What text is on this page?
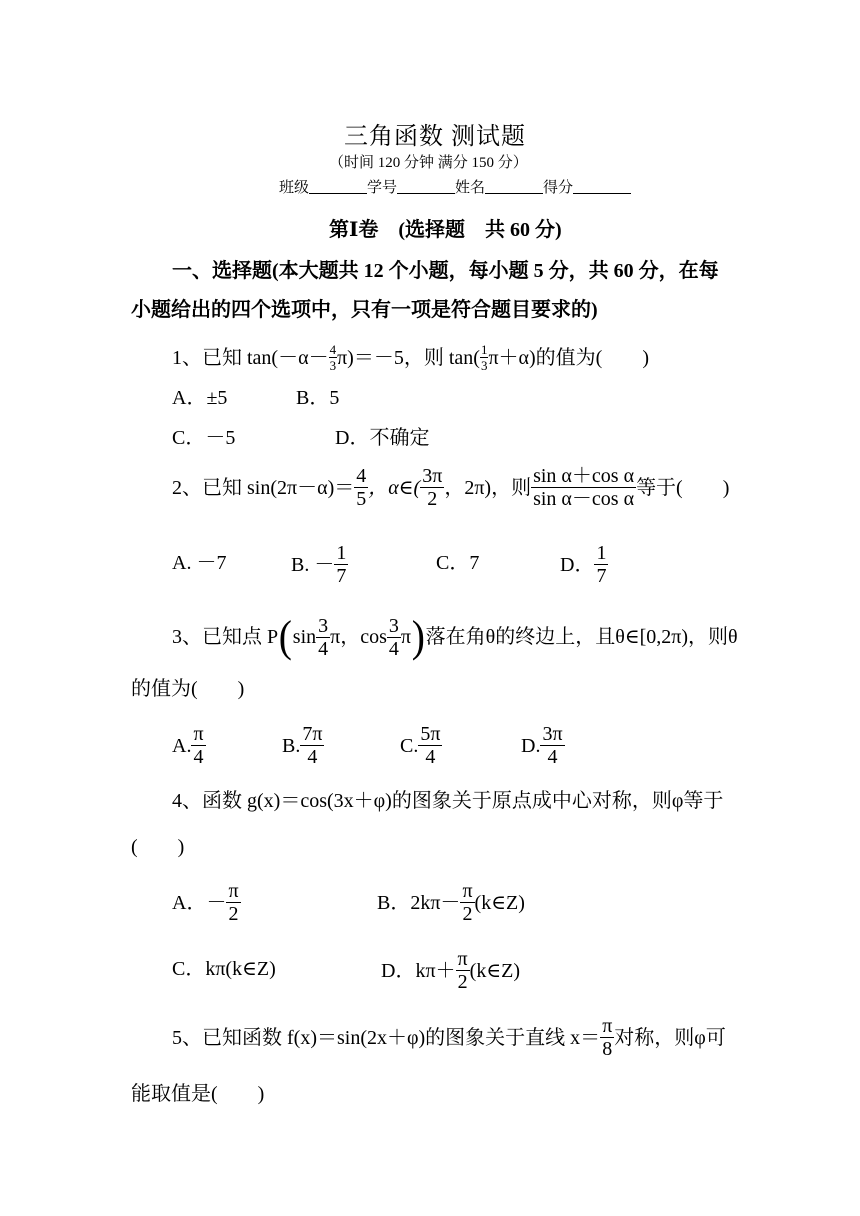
三角函数 测试题
（时间 120 分钟 满分 150 分）
班级	学号	姓名	得分
第Ⅰ卷　(选择题　共 60 分)
一、选择题(本大题共 12 个小题，每小题 5 分，共 60 分，在每
小题给出的四个选项中，只有一项是符合题目要求的)
1、已知 $\tan(-\alpha- \frac{4}{3} \pi)=-5$，则 $\tan( \frac{1}{3} \pi+\alpha)$的值为(　　)
A．±5	B．5
C．－5	D．不确定
2、已知 $\sin(2\pi-\alpha)= \frac{4}{5}$ ，α∈( $\frac{3\pi}{2}$ ，2π)，则 $\frac{\text{sin α＋cos α}}{\text{sin α－cos α}}$ 等于(　　)
A. －7	B. － $\frac{1}{7}$	C．7	D． $\frac{1}{7}$
3、已知点 $P(\sin \frac{3}{4}$ π，$\cos \frac{3}{4} \pi$)落在角θ的终边上，且θ∈[0,2π)，则θ
的值为(　　)
A. $\frac{\pi}{4}$	B. $\frac{7\pi}{4}$	C. $\frac{5\pi}{4}$	D. $\frac{3\pi}{4}$
4、函数 g(x)＝cos(3x＋φ)的图象关于原点成中心对称，则φ等于
(　　)
A．－ $\frac{\pi}{2}$	B．$2k\pi- \frac{\pi}{2}$ (k∈Z)
C．kπ(k∈Z)	D．$k\pi+ \frac{\pi}{2}$ (k∈Z)
5、已知函数 f(x)＝sin(2x＋φ)的图象关于直线 $x= \frac{\pi}{8}$ 对称，则φ可
能取值是(　　)
